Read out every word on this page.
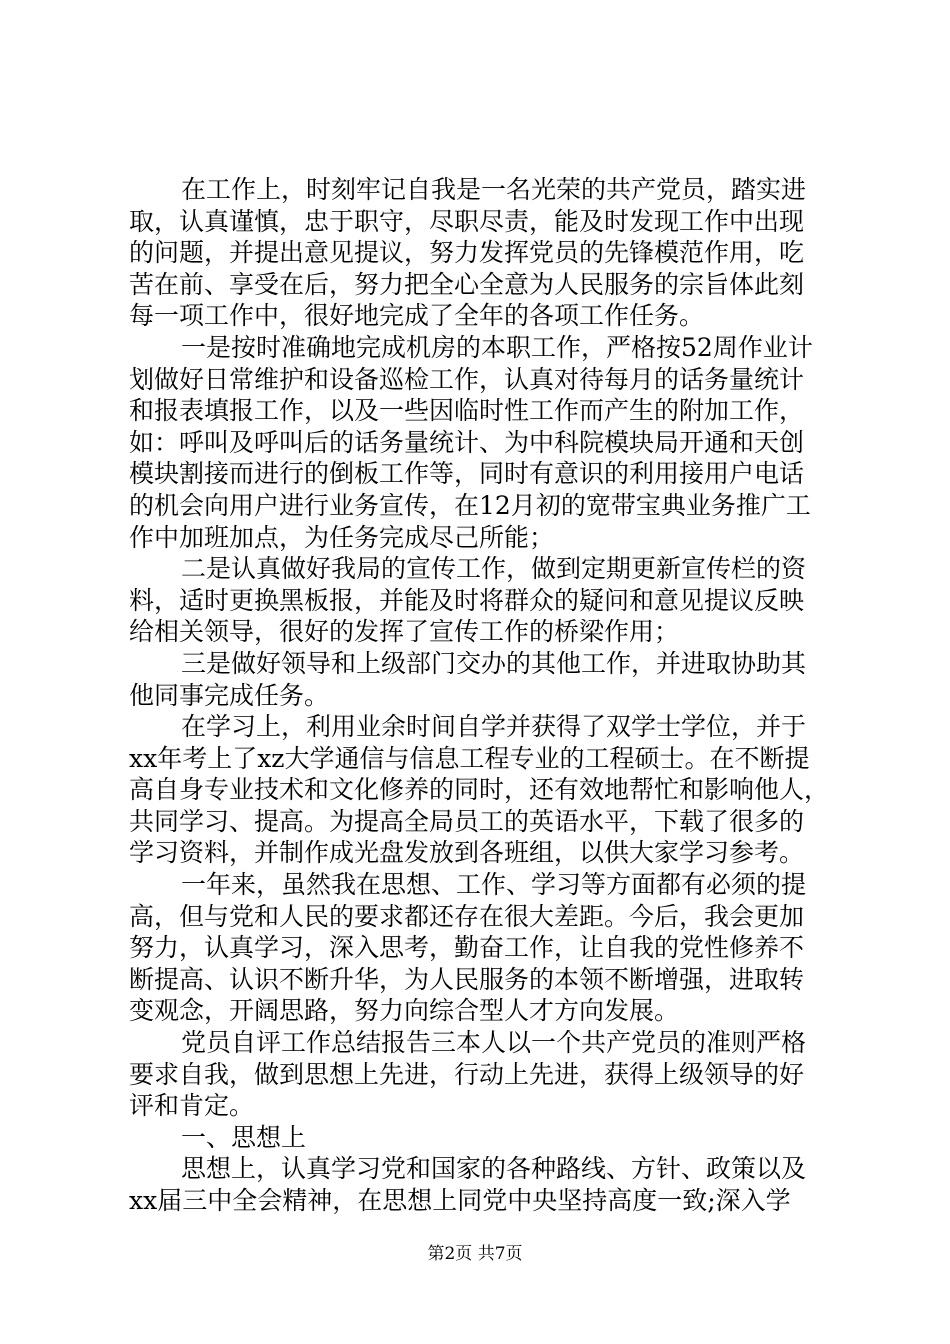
在工作上，时刻牢记自我是一名光荣的共产党员，踏实进
取，认真谨慎，忠于职守，尽职尽责，能及时发现工作中出现
的问题，并提出意见提议，努力发挥党员的先锋模范作用，吃
苦在前、享受在后，努力把全心全意为人民服务的宗旨体此刻
每一项工作中，很好地完成了全年的各项工作任务。
一是按时准确地完成机房的本职工作，严格按52周作业计
划做好日常维护和设备巡检工作，认真对待每月的话务量统计
和报表填报工作，以及一些因临时性工作而产生的附加工作，
如：呼叫及呼叫后的话务量统计、为中科院模块局开通和天创
模块割接而进行的倒板工作等，同时有意识的利用接用户电话
的机会向用户进行业务宣传，在12月初的宽带宝典业务推广工
作中加班加点，为任务完成尽己所能；
二是认真做好我局的宣传工作，做到定期更新宣传栏的资
料，适时更换黑板报，并能及时将群众的疑问和意见提议反映
给相关领导，很好的发挥了宣传工作的桥梁作用；
三是做好领导和上级部门交办的其他工作，并进取协助其
他同事完成任务。
在学习上，利用业余时间自学并获得了双学士学位，并于
xx年考上了xz大学通信与信息工程专业的工程硕士。在不断提
高自身专业技术和文化修养的同时，还有效地帮忙和影响他人，
共同学习、提高。为提高全局员工的英语水平，下载了很多的
学习资料，并制作成光盘发放到各班组，以供大家学习参考。
一年来，虽然我在思想、工作、学习等方面都有必须的提
高，但与党和人民的要求都还存在很大差距。今后，我会更加
努力，认真学习，深入思考，勤奋工作，让自我的党性修养不
断提高、认识不断升华，为人民服务的本领不断增强，进取转
变观念，开阔思路，努力向综合型人才方向发展。
党员自评工作总结报告三本人以一个共产党员的准则严格
要求自我，做到思想上先进，行动上先进，获得上级领导的好
评和肯定。
一、思想上
思想上，认真学习党和国家的各种路线、方针、政策以及
xx届三中全会精神，在思想上同党中央坚持高度一致;深入学
第2页 共7页
